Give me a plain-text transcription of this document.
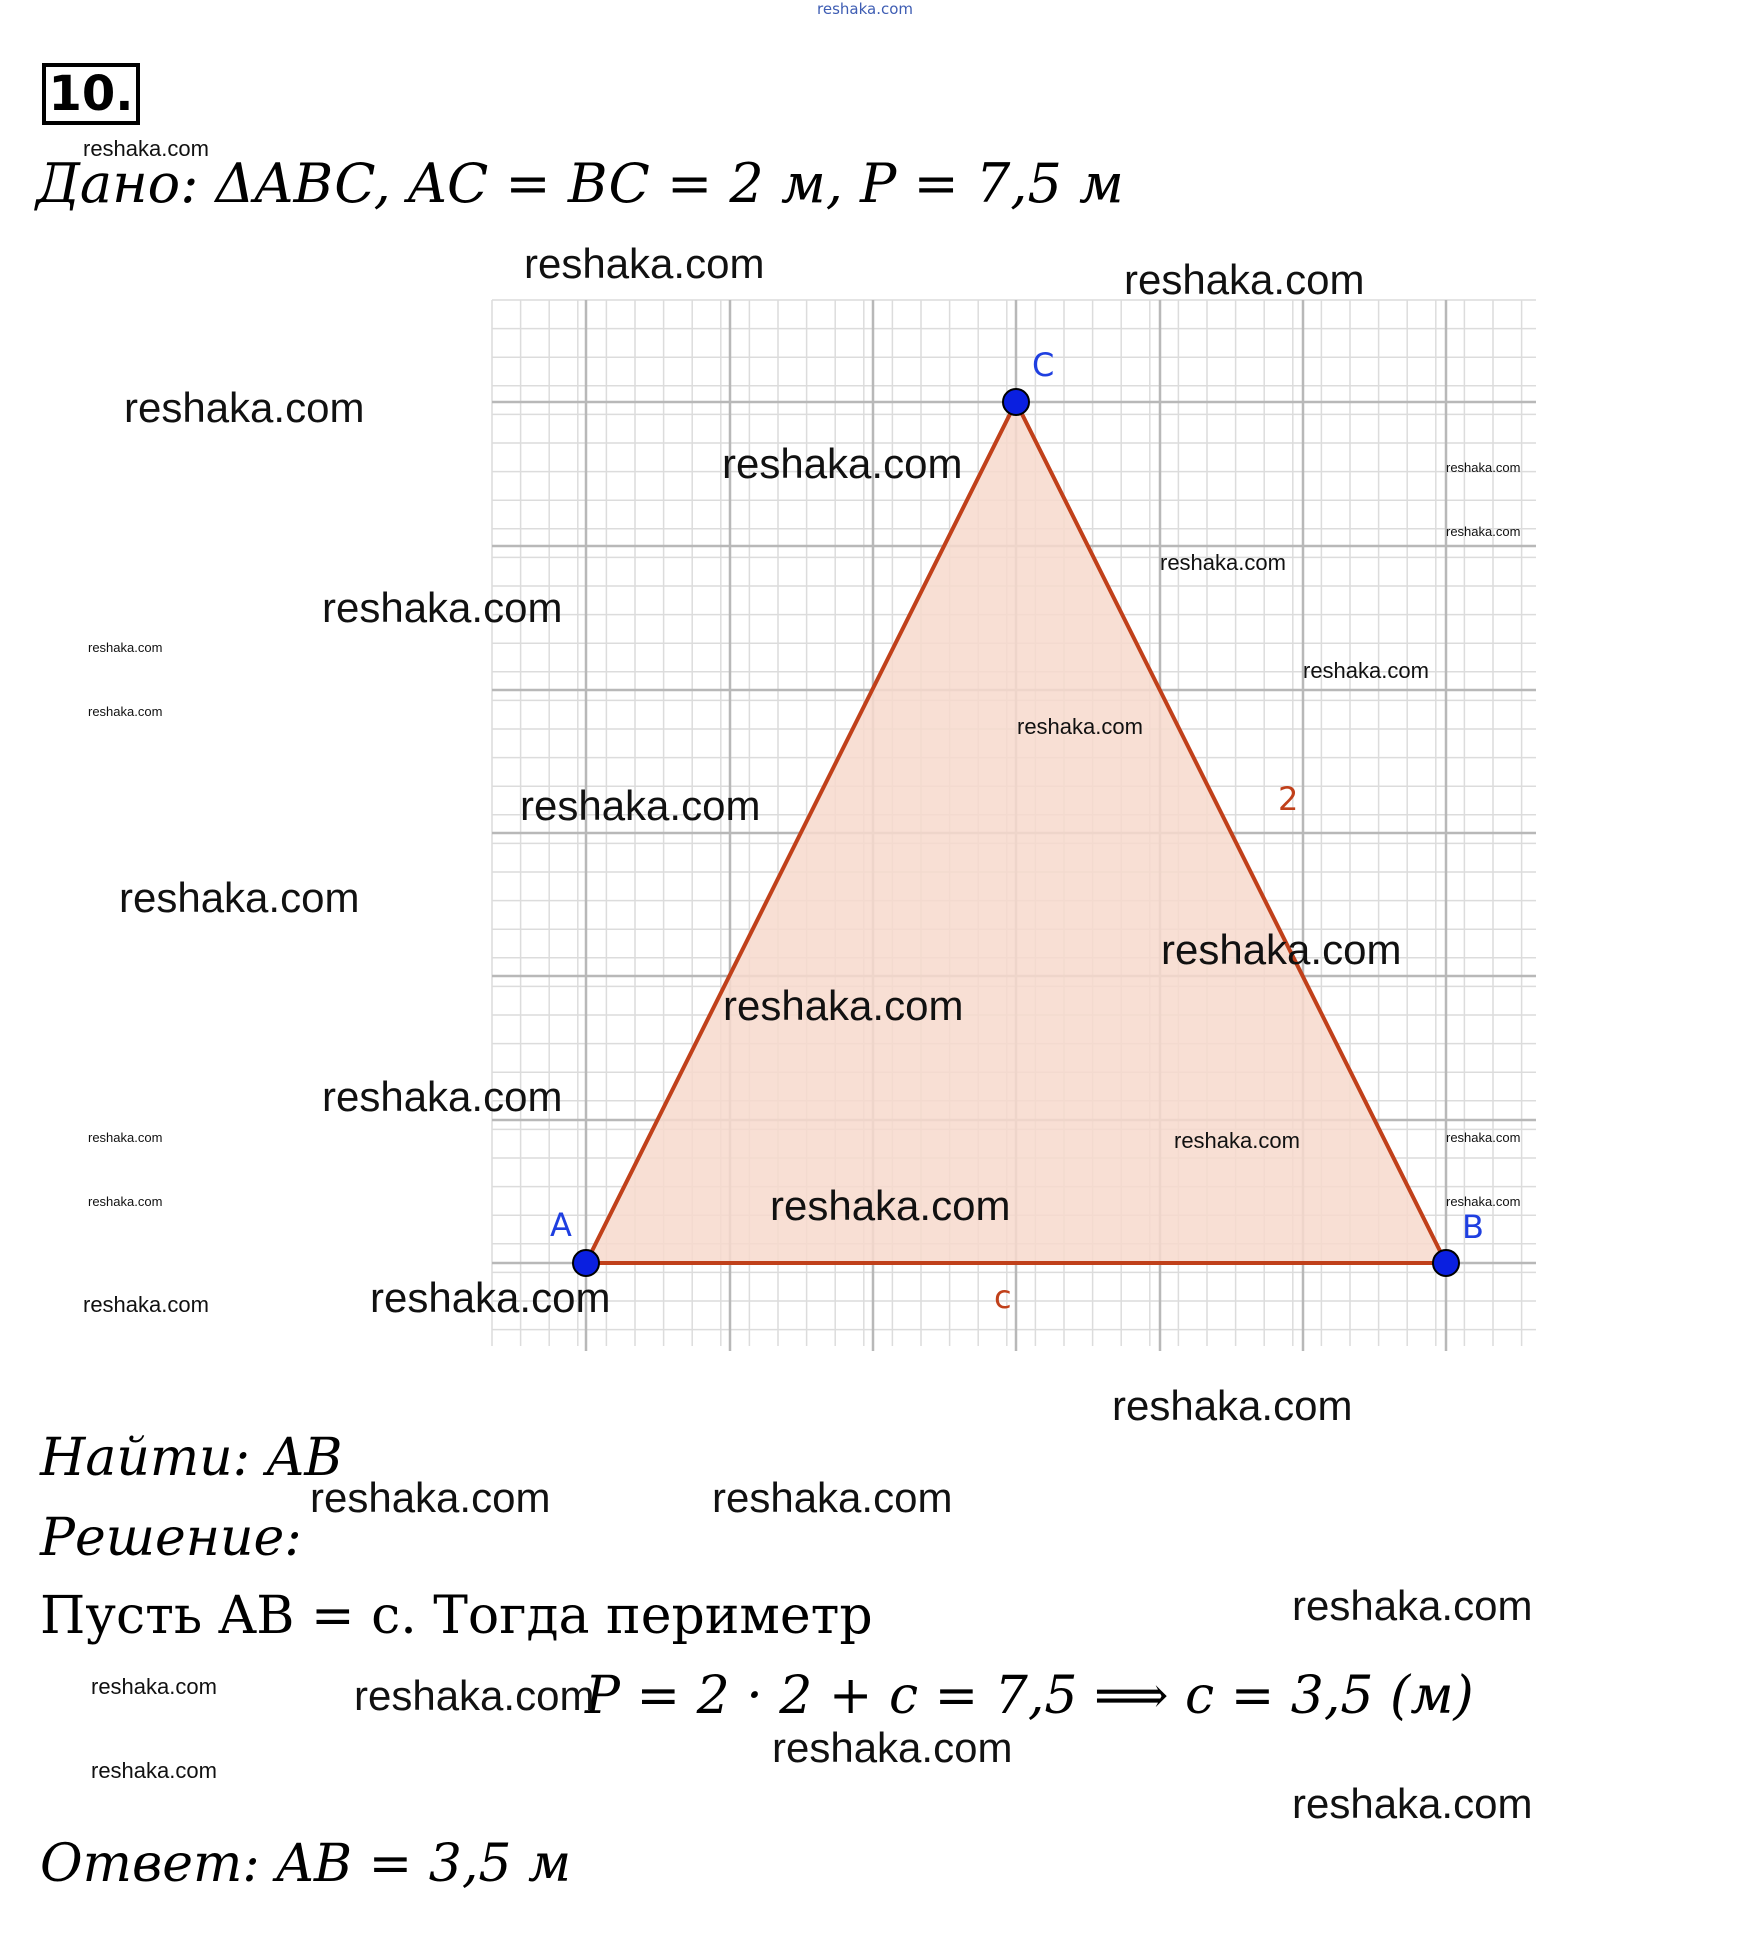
reshaka.com
10.
Дано: ΔABC, AC = BC = 2 м, P = 7,5 м
A	B
C
2
c
Найти: AB
Решение:
Пусть AB = c. Тогда периметр
P = 2 · 2 + c = 7,5 ⟹ c = 3,5 (м)
Ответ: AB = 3,5 м
reshaka.com
reshaka.com	reshaka.com
reshaka.com
reshaka.com	reshaka.com
reshaka.com
reshaka.com
reshaka.com
reshaka.com
reshaka.com
reshaka.com
reshaka.com
reshaka.com
reshaka.com
reshaka.com
reshaka.com
reshaka.com
reshaka.com	reshaka.com	reshaka.com
reshaka.com	reshaka.com
reshaka.com
reshaka.com	reshaka.com
reshaka.com
reshaka.com	reshaka.com
reshaka.com
reshaka.com	reshaka.com
reshaka.com
reshaka.com
reshaka.com
